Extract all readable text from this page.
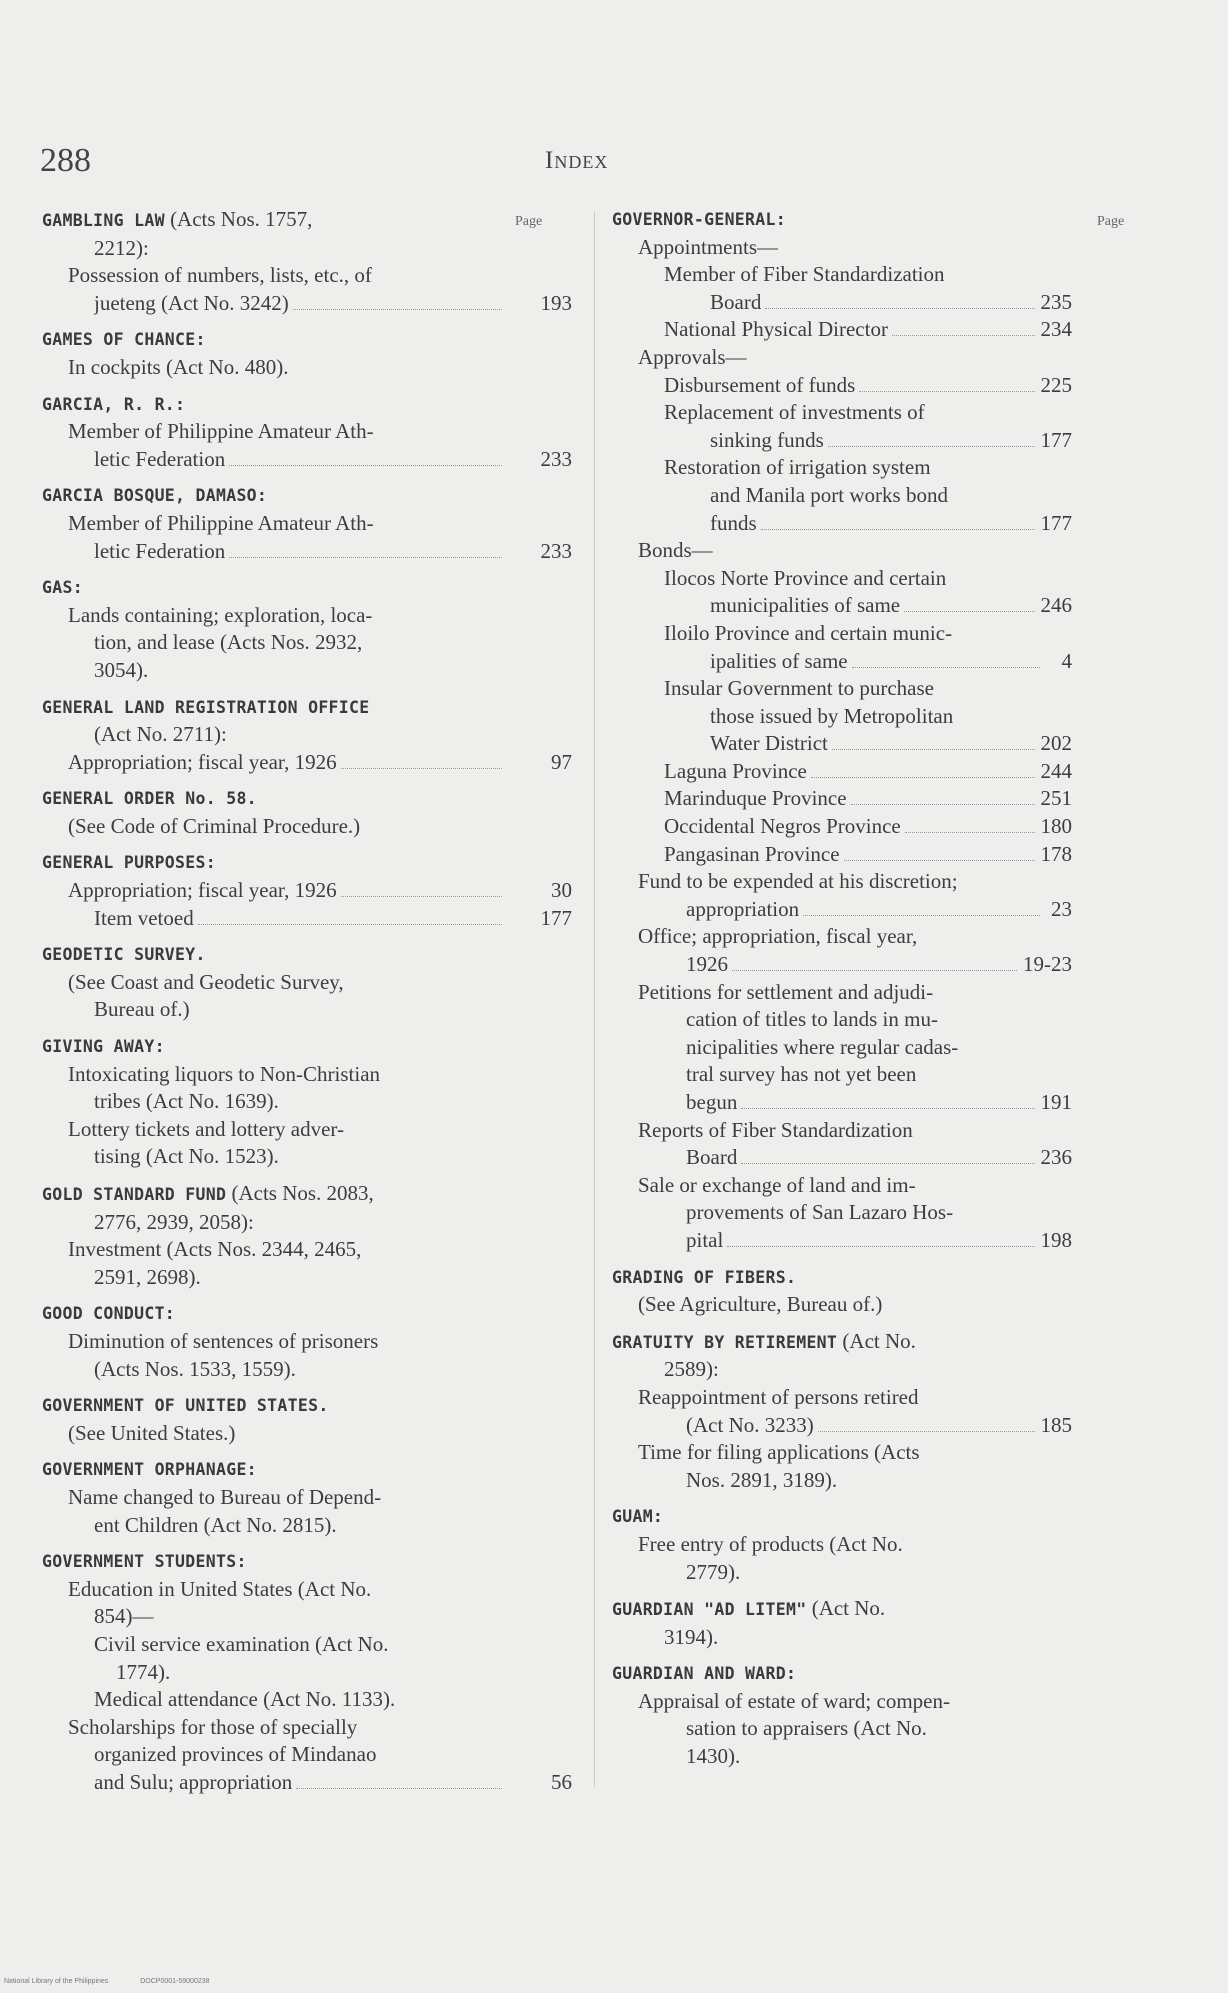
288	Index
Page	Page
GAMBLING LAW (Acts Nos. 1757,
2212):
Possession of numbers, lists, etc., of
jueteng (Act No. 3242)	193
GAMES OF CHANCE:
In cockpits (Act No. 480).
GARCIA, R. R.:
Member of Philippine Amateur Ath-
letic Federation	233
GARCIA BOSQUE, DAMASO:
Member of Philippine Amateur Ath-
letic Federation	233
GAS:
Lands containing; exploration, loca-
tion, and lease (Acts Nos. 2932,
3054).
GENERAL LAND REGISTRATION OFFICE
(Act No. 2711):
Appropriation; fiscal year, 1926	97
GENERAL ORDER No. 58.
(See Code of Criminal Procedure.)
GENERAL PURPOSES:
Appropriation; fiscal year, 1926	30
Item vetoed	177
GEODETIC SURVEY.
(See Coast and Geodetic Survey,
Bureau of.)
GIVING AWAY:
Intoxicating liquors to Non-Christian
tribes (Act No. 1639).
Lottery tickets and lottery adver-
tising (Act No. 1523).
GOLD STANDARD FUND (Acts Nos. 2083,
2776, 2939, 2058):
Investment (Acts Nos. 2344, 2465,
2591, 2698).
GOOD CONDUCT:
Diminution of sentences of prisoners
(Acts Nos. 1533, 1559).
GOVERNMENT OF UNITED STATES.
(See United States.)
GOVERNMENT ORPHANAGE:
Name changed to Bureau of Depend-
ent Children (Act No. 2815).
GOVERNMENT STUDENTS:
Education in United States (Act No.
854)—
Civil service examination (Act No.
1774).
Medical attendance (Act No. 1133).
Scholarships for those of specially
organized provinces of Mindanao
and Sulu; appropriation	56
GOVERNOR-GENERAL:
Appointments—
Member of Fiber Standardization
Board	235
National Physical Director	234
Approvals—
Disbursement of funds	225
Replacement of investments of
sinking funds	177
Restoration of irrigation system
and Manila port works bond
funds	177
Bonds—
Ilocos Norte Province and certain
municipalities of same	246
Iloilo Province and certain munic-
ipalities of same	4
Insular Government to purchase
those issued by Metropolitan
Water District	202
Laguna Province	244
Marinduque Province	251
Occidental Negros Province	180
Pangasinan Province	178
Fund to be expended at his discretion;
appropriation	23
Office; appropriation, fiscal year,
1926	19-23
Petitions for settlement and adjudi-
cation of titles to lands in mu-
nicipalities where regular cadas-
tral survey has not yet been
begun	191
Reports of Fiber Standardization
Board	236
Sale or exchange of land and im-
provements of San Lazaro Hos-
pital	198
GRADING OF FIBERS.
(See Agriculture, Bureau of.)
GRATUITY BY RETIREMENT (Act No.
2589):
Reappointment of persons retired
(Act No. 3233)	185
Time for filing applications (Acts
Nos. 2891, 3189).
GUAM:
Free entry of products (Act No.
2779).
GUARDIAN "AD LITEM" (Act No.
3194).
GUARDIAN AND WARD:
Appraisal of estate of ward; compen-
sation to appraisers (Act No.
1430).
National Library of the Philippines	DOCP0001-59000238
